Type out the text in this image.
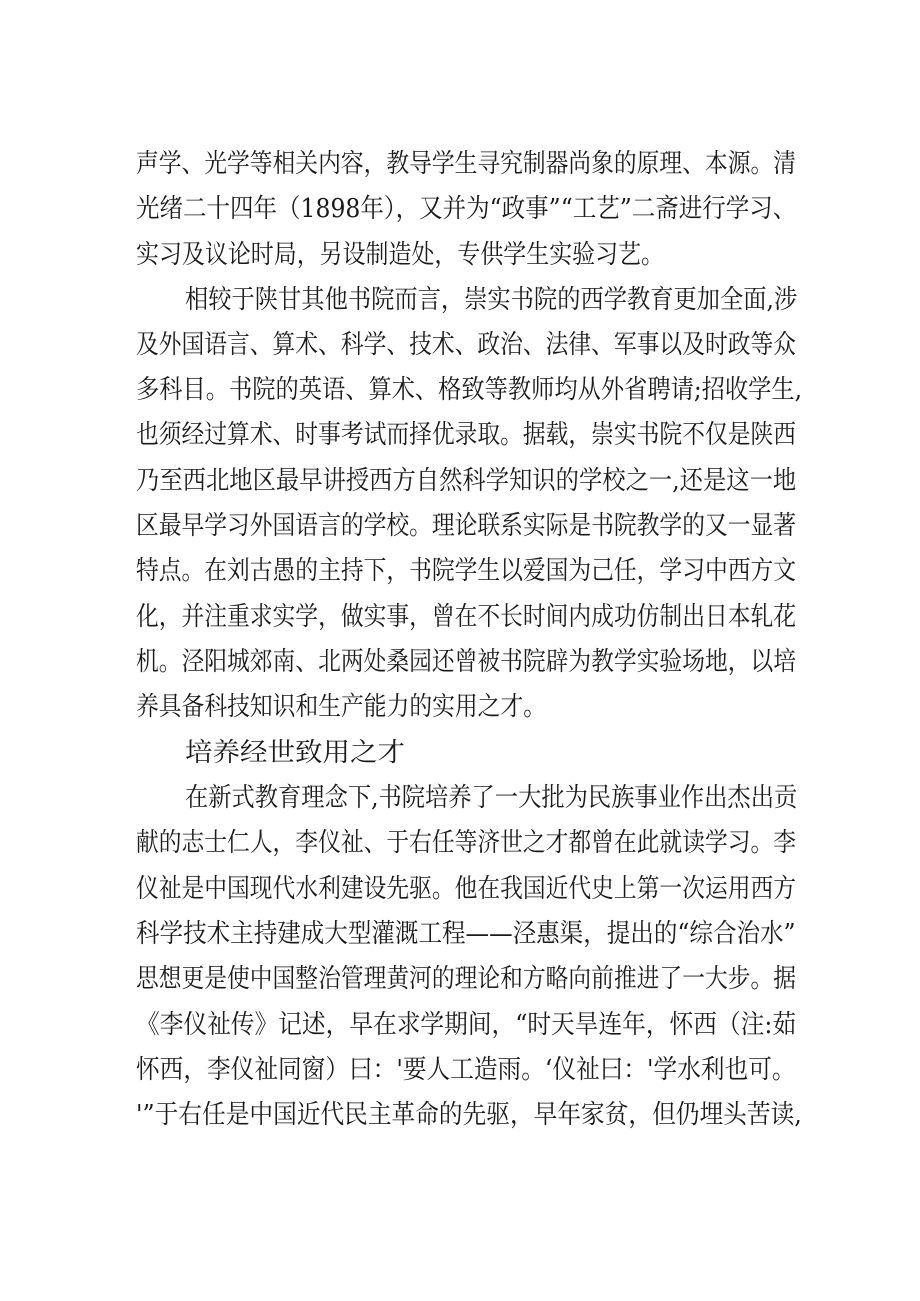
声学、光学等相关内容，教导学生寻究制器尚象的原理、本源。清
光绪二十四年（1898年），又并为“政事”“工艺”二斋进行学习、
实习及议论时局，另设制造处，专供学生实验习艺。
相较于陕甘其他书院而言，崇实书院的西学教育更加全面,涉
及外国语言、算术、科学、技术、政治、法律、军事以及时政等众
多科目。书院的英语、算术、格致等教师均从外省聘请;招收学生,
也须经过算术、时事考试而择优录取。据载，崇实书院不仅是陕西
乃至西北地区最早讲授西方自然科学知识的学校之一,还是这一地
区最早学习外国语言的学校。理论联系实际是书院教学的又一显著
特点。在刘古愚的主持下，书院学生以爱国为己任，学习中西方文
化，并注重求实学，做实事，曾在不长时间内成功仿制出日本轧花
机。泾阳城郊南、北两处桑园还曾被书院辟为教学实验场地，以培
养具备科技知识和生产能力的实用之才。
培养经世致用之才
在新式教育理念下,书院培养了一大批为民族事业作出杰出贡
献的志士仁人，李仪祉、于右任等济世之才都曾在此就读学习。李
仪祉是中国现代水利建设先驱。他在我国近代史上第一次运用西方
科学技术主持建成大型灌溉工程——泾惠渠，提出的“综合治水”
思想更是使中国整治管理黄河的理论和方略向前推进了一大步。据
《李仪祉传》记述，早在求学期间，“时天旱连年，怀西（注:茹
怀西，李仪祉同窗）曰：'要人工造雨。‘仪祉曰：'学水利也可。
'”于右任是中国近代民主革命的先驱，早年家贫，但仍埋头苦读,
